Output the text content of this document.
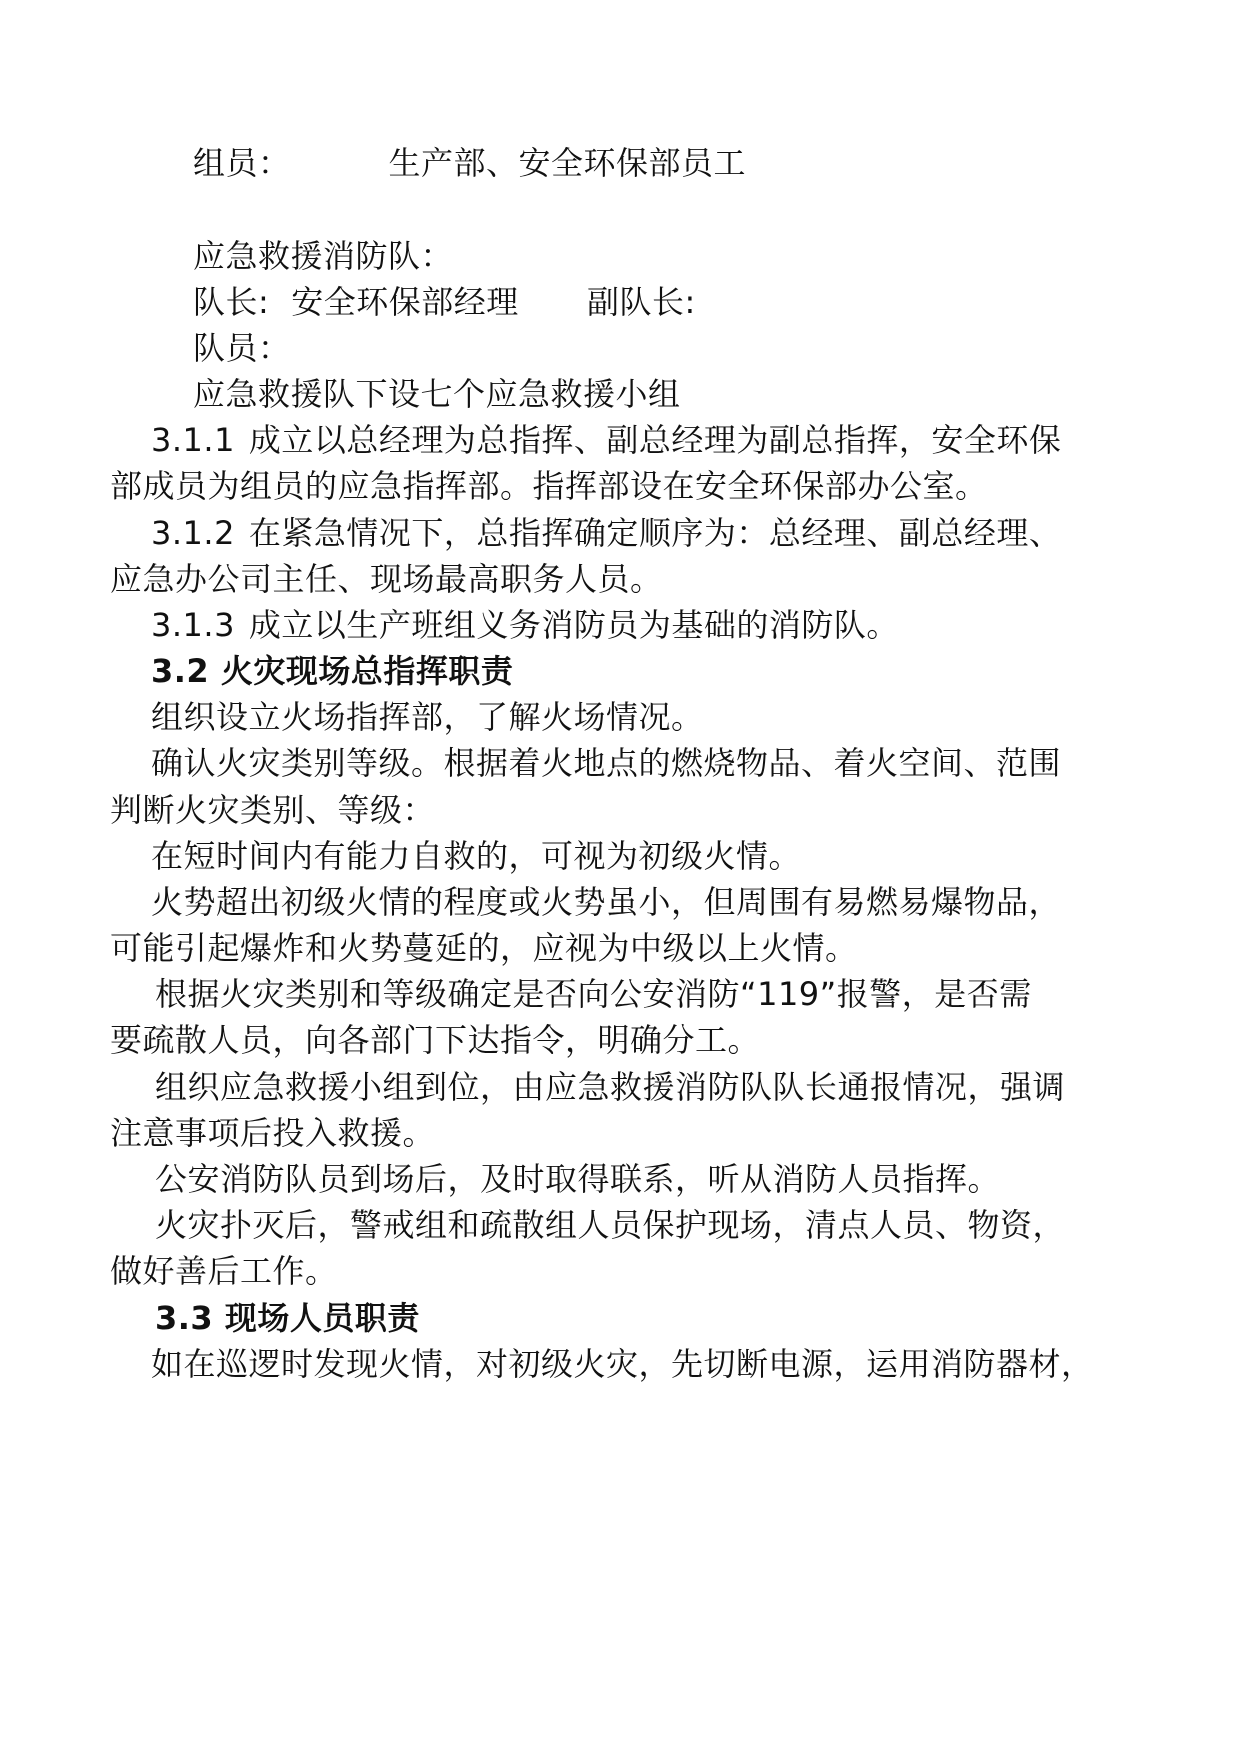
组员：	生产部、安全环保部员工
应急救援消防队：
队长: 安全环保部经理 副队长:
队员：
应急救援队下设七个应急救援小组
3.1.1 成立以总经理为总指挥、副总经理为副总指挥，安全环保
部成员为组员的应急指挥部。指挥部设在安全环保部办公室。
3.1.2 在紧急情况下，总指挥确定顺序为：总经理、副总经理、
应急办公司主任、现场最高职务人员。
3.1.3 成立以生产班组义务消防员为基础的消防队。
3.2 火灾现场总指挥职责
组织设立火场指挥部，了解火场情况。
确认火灾类别等级。根据着火地点的燃烧物品、着火空间、范围
判断火灾类别、等级：
在短时间内有能力自救的，可视为初级火情。
火势超出初级火情的程度或火势虽小，但周围有易燃易爆物品，
可能引起爆炸和火势蔓延的，应视为中级以上火情。
根据火灾类别和等级确定是否向公安消防“119”报警，是否需
要疏散人员，向各部门下达指令，明确分工。
组织应急救援小组到位，由应急救援消防队队长通报情况，强调
注意事项后投入救援。
公安消防队员到场后，及时取得联系，听从消防人员指挥。
火灾扑灭后，警戒组和疏散组人员保护现场，清点人员、物资，
做好善后工作。
3.3 现场人员职责
如在巡逻时发现火情，对初级火灾，先切断电源，运用消防器材，
